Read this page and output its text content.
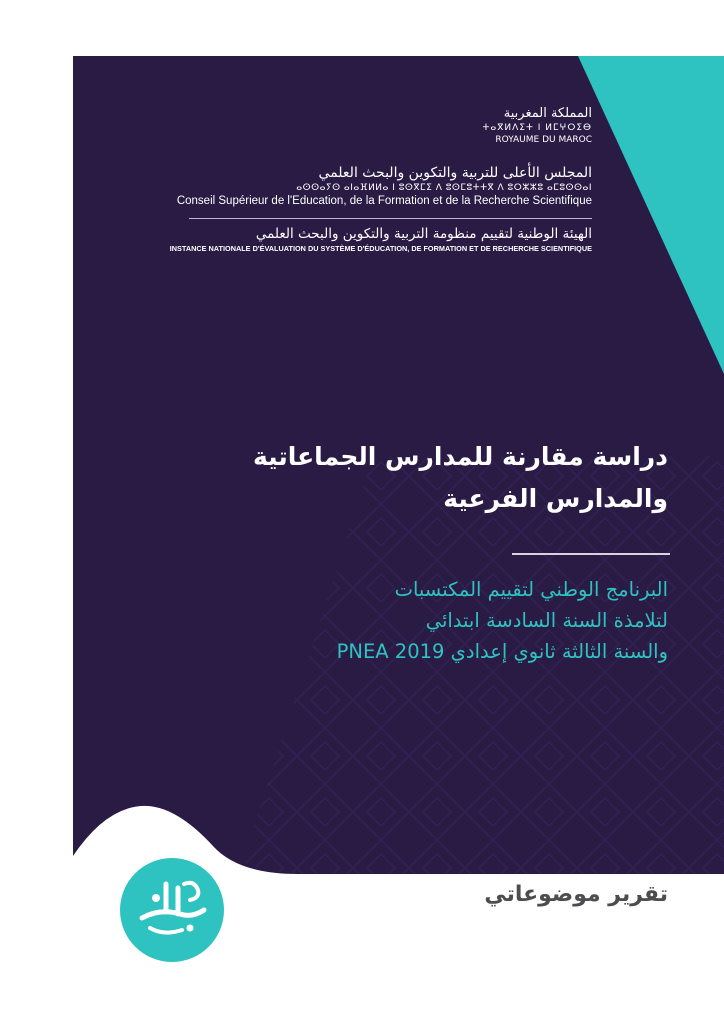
المملكة المغربية
ⵜⴰⴳⵍⴷⵉⵜ ⵏ ⵍⵎⵖⵔⵉⴱ
ROYAUME DU MAROC
المجلس الأعلى للتربية والتكوين والبحث العلمي
ⴰⵙⵙⴰⵢⵙ ⴰⵏⴰⴼⵍⵍⴰ ⵏ ⵓⵙⴳⵎⵉ ⴷ ⵓⵙⵎⵓⵜⵜⴳ ⴷ ⵓⵔⵣⵣⵓ ⴰⵎⵓⵙⵙⴰⵏ
Conseil Supérieur de l'Education, de la Formation et de la Recherche Scientifique
الهيئة الوطنية لتقييم منظومة التربية والتكوين والبحث العلمي
INSTANCE NATIONALE D'ÉVALUATION DU SYSTÈME D'ÉDUCATION, DE FORMATION ET DE RECHERCHE SCIENTIFIQUE
دراسة مقارنة للمدارس الجماعاتية
والمدارس الفرعية
البرنامج الوطني لتقييم المكتسبات
لتلامذة السنة السادسة ابتدائي
والسنة الثالثة ثانوي إعدادي PNEA 2019
تقرير موضوعاتي
